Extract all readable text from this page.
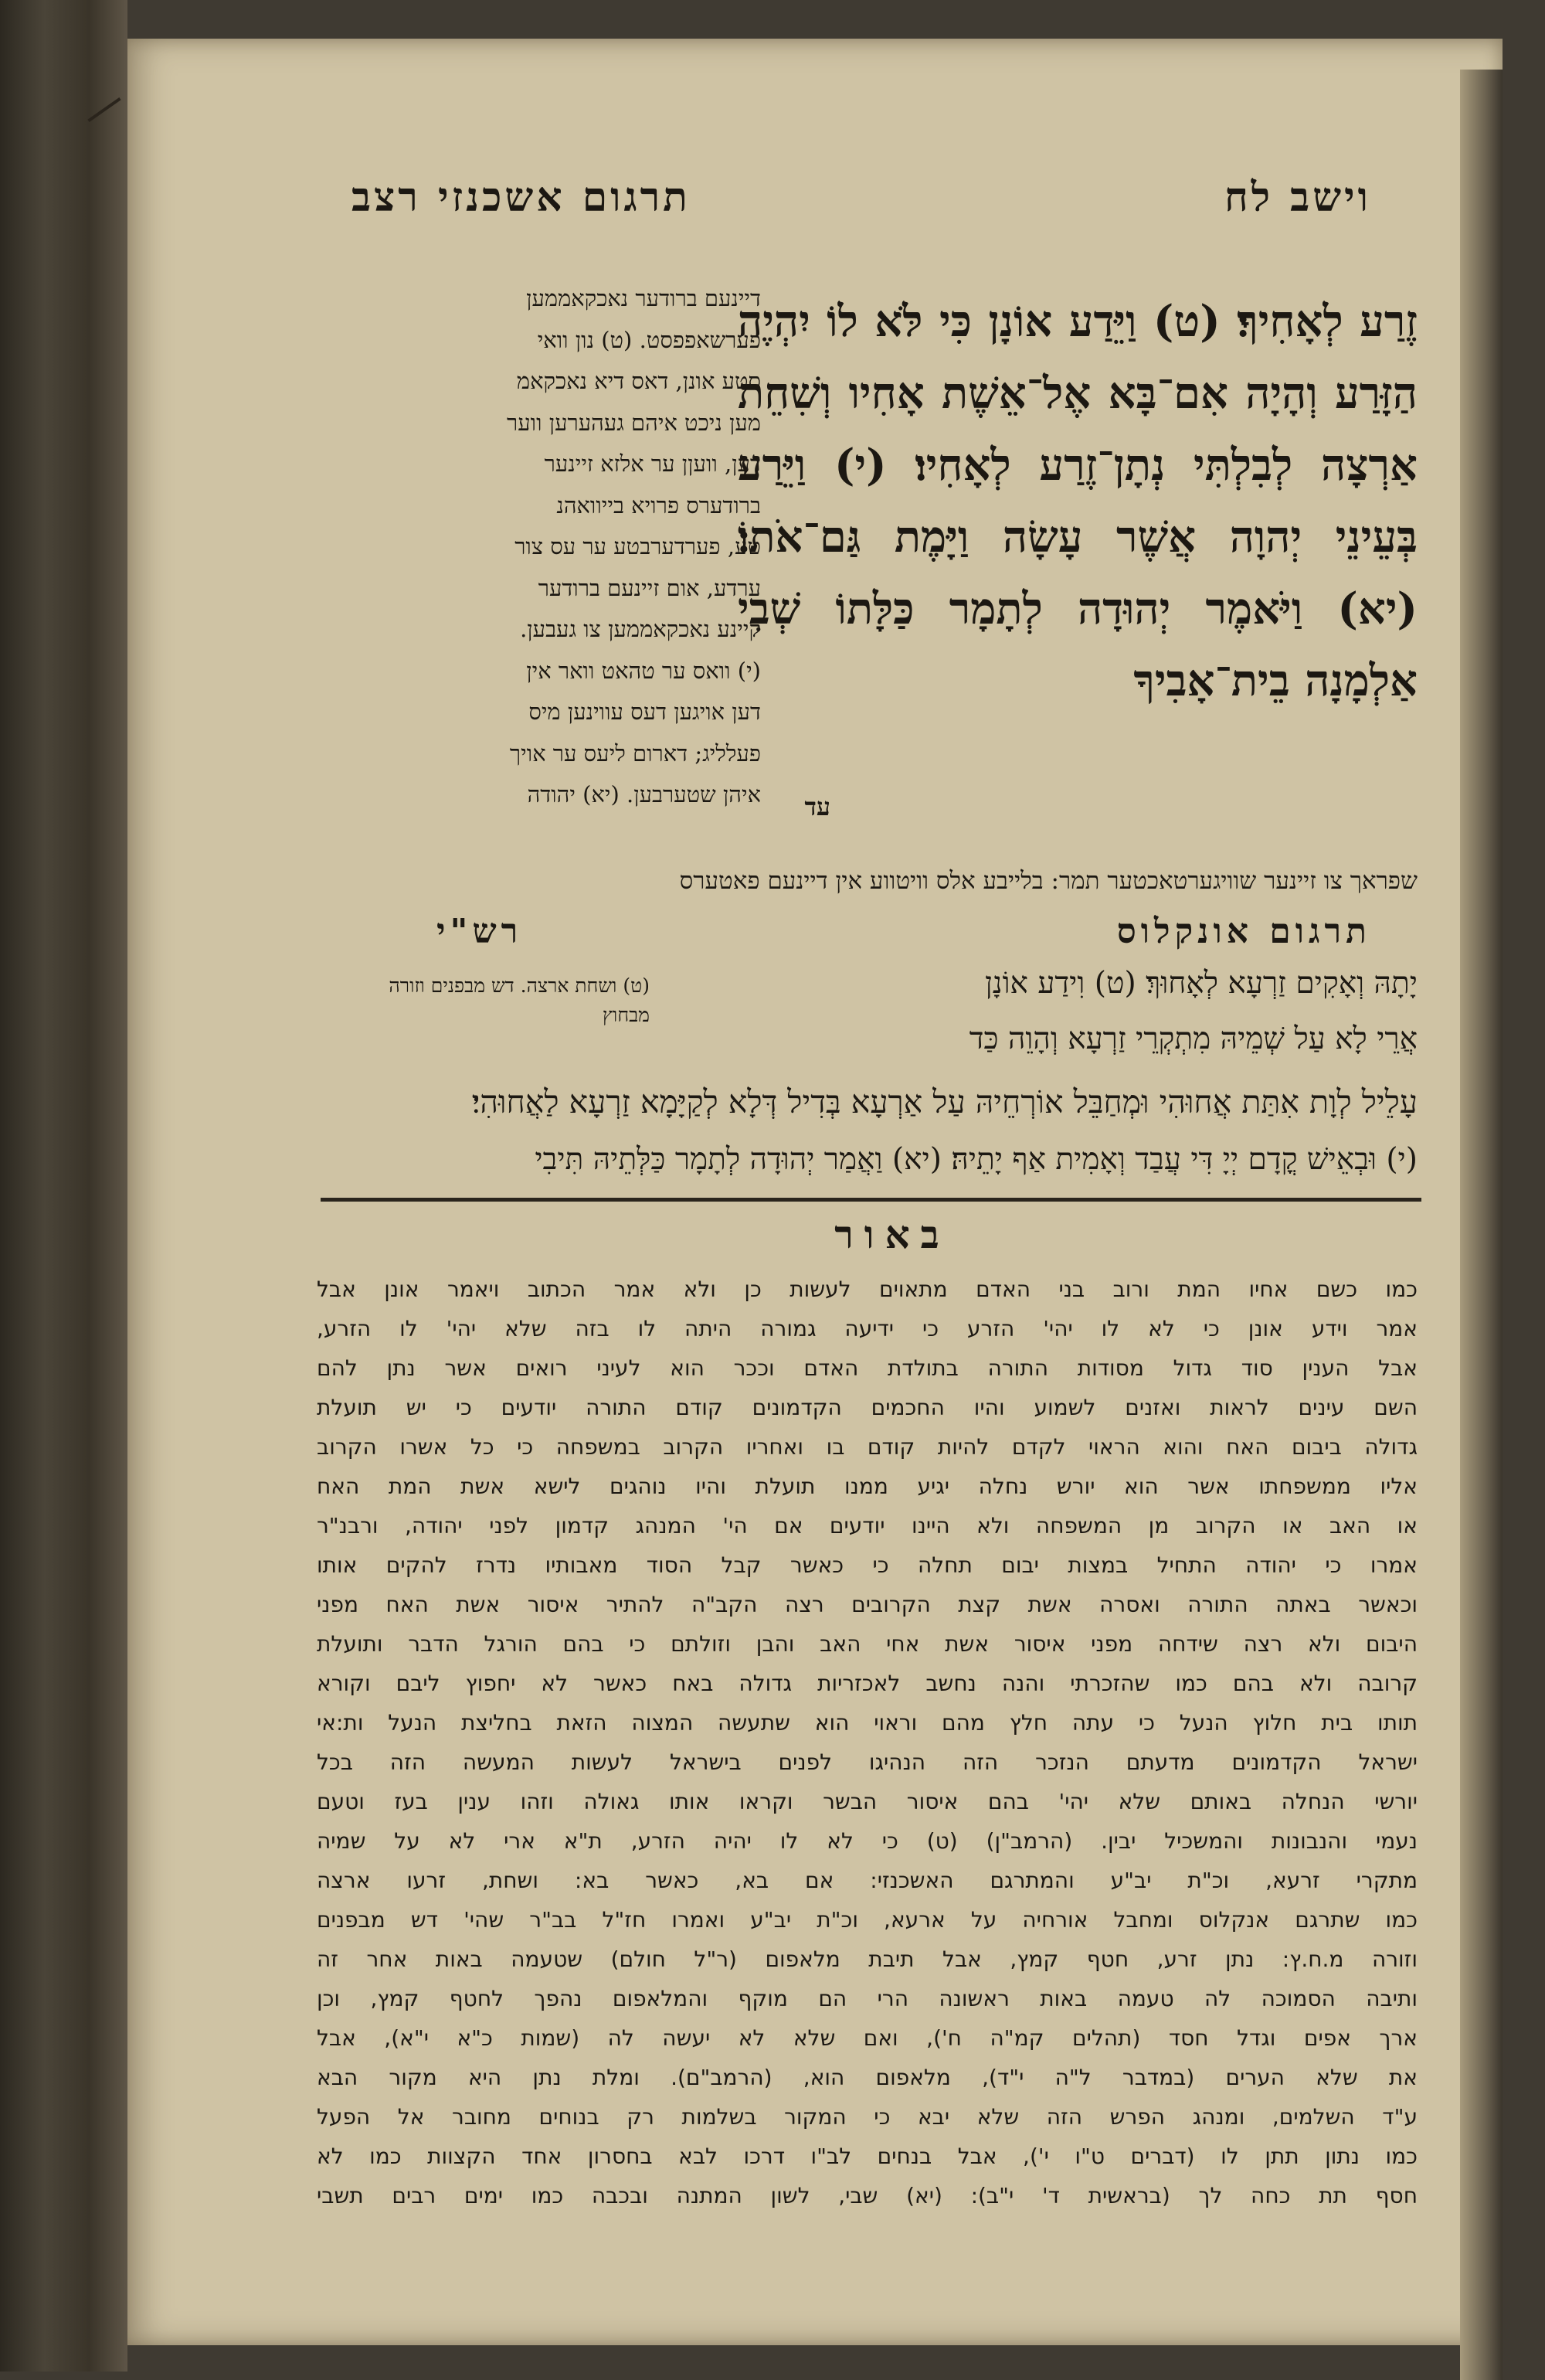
וישב לח
תרגום אשכנזי רצב
זֶרַע לְאָחִיךָ׃ (ט) וַיֵּדַע אוֹנָן כִּי לֹּא לוֹ יִהְיֶה הַזָּרַע וְהָיָה אִם־בָּא אֶל־אֵשֶׁת אָחִיו וְשִׁחֵת אַרְצָה לְבִלְתִּי נְתָן־זֶרַע לְאָחִיו׃ (י) וַיֵּרַע בְּעֵינֵי יְהוָה אֲשֶׁר עָשָׂה וַיָּמֶת גַּם־אֹתוֹ׃ (יא) וַיֹּאמֶר יְהוּדָה לְתָמָר כַּלָּתוֹ שְׁבִי אַלְמָנָה בֵית־אָבִיךָ
דיינעם ברודער נאכקאממען
פערשאפפסט. (ט) נון וואי
סטע אונן, דאס דיא נאכקאמ
מען ניכט איהם געהערען ווער
דען, וועןן ער אלזא זיינער
ברודערס פרויא בייוואהנ
טע, פערדערבטע ער עס צור
ערדע, אום זיינעם ברודער
קיינע נאכקאממען צו געבען.
(י) וואס ער טהאט וואר אין
דען אויגען דעס עווינען מיס
פעלליג; דארום ליעס ער אויך
איהן שטערבען. (יא) יהודה עד
שפראך צו זיינער שוויגערטאכטער תמר: בלייבע אלס וויטווע אין דיינעם פאטערס
תרגום אונקלוס
רש"י
יָתָהּ וְאָקִים זַרְעָא לְאָחוּךְ׃ (ט) וִידַע אוֹנָן
אֲרֵי לָא עַל שְׁמֵיהּ מִתְקְרֵי זַרְעָא וְהָוֵה כַּד
עָלֵיל לְוָת אִתַּת אֲחוּהִי וּמְחַבֵּל אוֹרְחֵיהּ עַל אַרְעָא בְּדִיל דְּלָא לְקַיָּמָא זַרְעָא לַאֲחוּהִי׃
(י) וּבְאֵישׁ קֳדָם יְיָ דִּי עֲבַד וְאָמִית אַף יָתֵיהּ׃ (יא) וַאֲמַר יְהוּדָה לְתָמָר כַּלְּתֵיהּ תִּיבִי
(ט) ושחת ארצה. דש מבפנים וזורה מבחוץ
באור
כמו כשם אחיו המת ורוב בני האדם מתאוים לעשות כן ולא אמר הכתוב ויאמר אונן אבל
אמר וידע אונן כי לא לו יהי' הזרע כי ידיעה גמורה היתה לו בזה שלא יהי' לו הזרע,
אבל הענין סוד גדול מסודות התורה בתולדת האדם וככר הוא לעיני רואים אשר נתן להם
השם עינים לראות ואזנים לשמוע והיו החכמים הקדמונים קודם התורה יודעים כי יש תועלת
גדולה ביבום האח והוא הראוי לקדם להיות קודם בו ואחריו הקרוב במשפחה כי כל אשרו הקרוב
אליו ממשפחתו אשר הוא יורש נחלה יגיע ממנו תועלת והיו נוהגים לישא אשת המת האח
או האב או הקרוב מן המשפחה ולא היינו יודעים אם הי' המנהג קדמון לפני יהודה, ורבנ"ר
אמרו כי יהודה התחיל במצות יבום תחלה כי כאשר קבל הסוד מאבותיו נדרז להקים אותו
וכאשר באתה התורה ואסרה אשת קצת הקרובים רצה הקב"ה להתיר איסור אשת האח מפני
היבום ולא רצה שידחה מפני איסור אשת אחי האב והבן וזולתם כי בהם הורגל הדבר ותועלת
קרובה ולא בהם כמו שהזכרתי והנה נחשב לאכזריות גדולה באח כאשר לא יחפוץ ליבם וקורא
תותו בית חלוץ הנעל כי עתה חלץ מהם וראוי הוא שתעשה המצוה הזאת בחליצת הנעל ות:אי
ישראל הקדמונים מדעתם הנזכר הזה הנהיגו לפנים בישראל לעשות המעשה הזה בכל
יורשי הנחלה באותם שלא יהי' בהם איסור הבשר וקראו אותו גאולה וזהו ענין בעז וטעם
נעמי והנבונות והמשכיל יבין. (הרמב"ן) (ט) כי לא לו יהיה הזרע, ת"א ארי לא על שמיה
מתקרי זרעא, וכ"ת יב"ע והמתרגם האשכנזי: אם בא, כאשר בא: ושחת, זרעו ארצה
כמו שתרגם אנקלוס ומחבל אורחיה על ארעא, וכ"ת יב"ע ואמרו חז"ל בב"ר שהי' דש מבפנים
וזורה מ.ח.ץ: נתן זרע, חטף קמץ, אבל תיבת מלאפום (ר"ל חולם) שטעמה באות אחר זה
ותיבה הסמוכה לה טעמה באות ראשונה הרי הם מוקף והמלאפום נהפך לחטף קמץ, וכן
ארך אפים וגדל חסד (תהלים קמ"ה ח'), ואם שלא לא יעשה לה (שמות כ"א י"א), אבל
את שלא הערים (במדבר ל"ה י"ד), מלאפום הוא, (הרמב"ם). ומלת נתן היא מקור הבא
ע"ד השלמים, ומנהג הפרש הזה שלא יבא כי המקור בשלמות רק בנוחים מחובר אל הפעל
כמו נתון תתן לו (דברים ט"ו י'), אבל בנחים לב"ו דרכו לבא בחסרון אחד הקצוות כמו לא
חסף תת כחה לך (בראשית ד' י"ב): (יא) שבי, לשון המתנה ובכבה כמו ימים רבים תשבי
